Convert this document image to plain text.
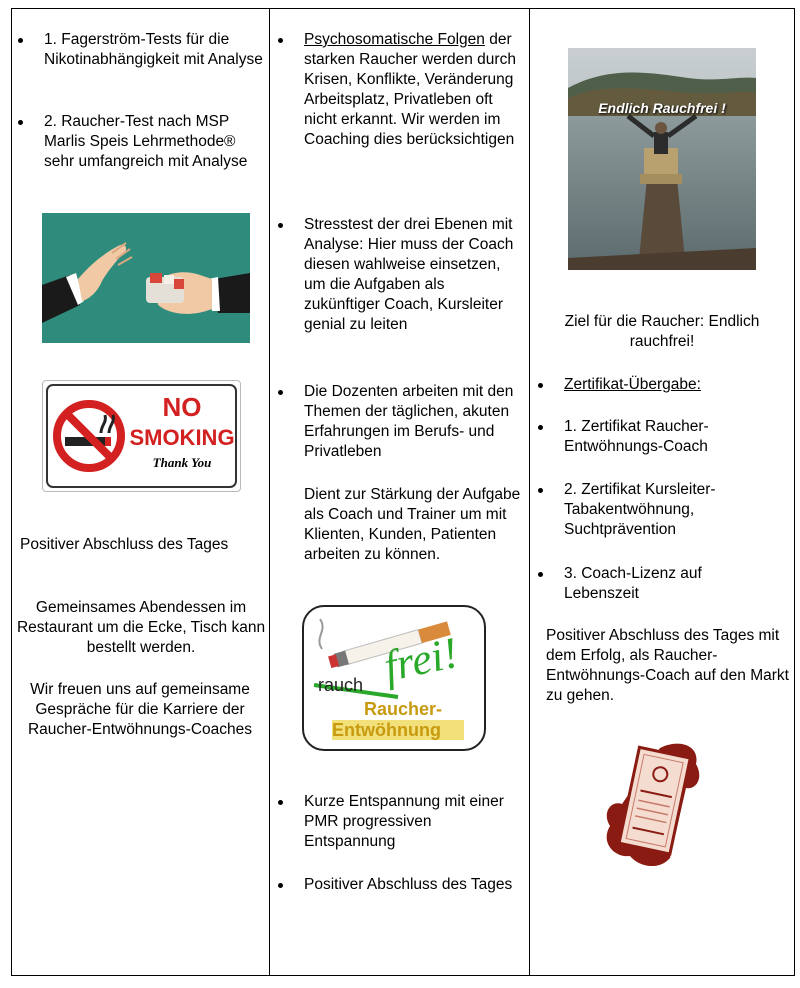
1. Fagerström-Tests für die Nikotinabhängigkeit mit Analyse
2. Raucher-Test nach MSP Marlis Speis Lehrmethode® sehr umfangreich mit Analyse
NO
SMOKING
Thank You
Positiver Abschluss des Tages
Gemeinsames Abendessen im Restaurant um die Ecke, Tisch kann bestellt werden.
Wir freuen uns auf gemeinsame Gespräche für die Karriere der Raucher-Entwöhnungs-Coaches
Psychosomatische Folgen der starken Raucher werden durch Krisen, Konflikte, Veränderung Arbeitsplatz, Privatleben oft nicht erkannt. Wir werden im Coaching dies berücksichtigen
Stresstest der drei Ebenen mit Analyse: Hier muss der Coach diesen wahlweise einsetzen, um die Aufgaben als zukünftiger Coach, Kursleiter genial zu leiten
Die Dozenten arbeiten mit den Themen der täglichen, akuten Erfahrungen im Berufs- und Privatleben
Dient zur Stärkung der Aufgabe als Coach und Trainer um mit Klienten, Kunden, Patienten arbeiten zu können.
rauch frei!
Raucher-
Entwöhnung
Kurze Entspannung mit einer PMR progressiven Entspannung
Positiver Abschluss des Tages
Endlich Rauchfrei !
Ziel für die Raucher: Endlich rauchfrei!
Zertifikat-Übergabe:
1. Zertifikat Raucher-Entwöhnungs-Coach
2. Zertifikat Kursleiter-Tabakentwöhnung, Suchtprävention
3. Coach-Lizenz auf Lebenszeit
Positiver Abschluss des Tages mit dem Erfolg, als Raucher-Entwöhnungs-Coach auf den Markt zu gehen.
